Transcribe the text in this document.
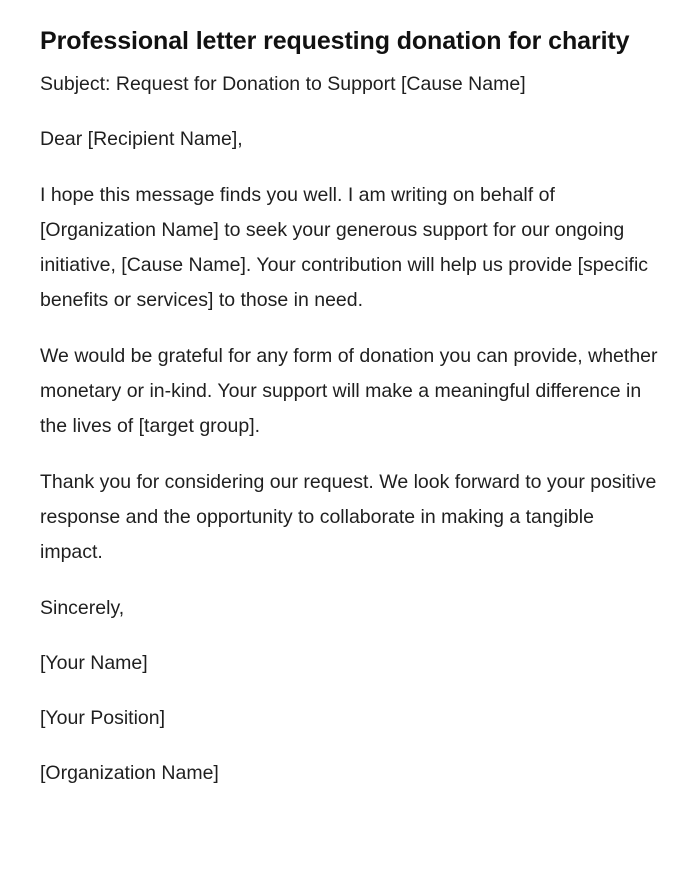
Professional letter requesting donation for charity

Subject: Request for Donation to Support [Cause Name]

Dear [Recipient Name],

I hope this message finds you well. I am writing on behalf of [Organization Name] to seek your generous support for our ongoing initiative, [Cause Name]. Your contribution will help us provide [specific benefits or services] to those in need.

We would be grateful for any form of donation you can provide, whether monetary or in-kind. Your support will make a meaningful difference in the lives of [target group].

Thank you for considering our request. We look forward to your positive response and the opportunity to collaborate in making a tangible impact.

Sincerely,

[Your Name]

[Your Position]

[Organization Name]
